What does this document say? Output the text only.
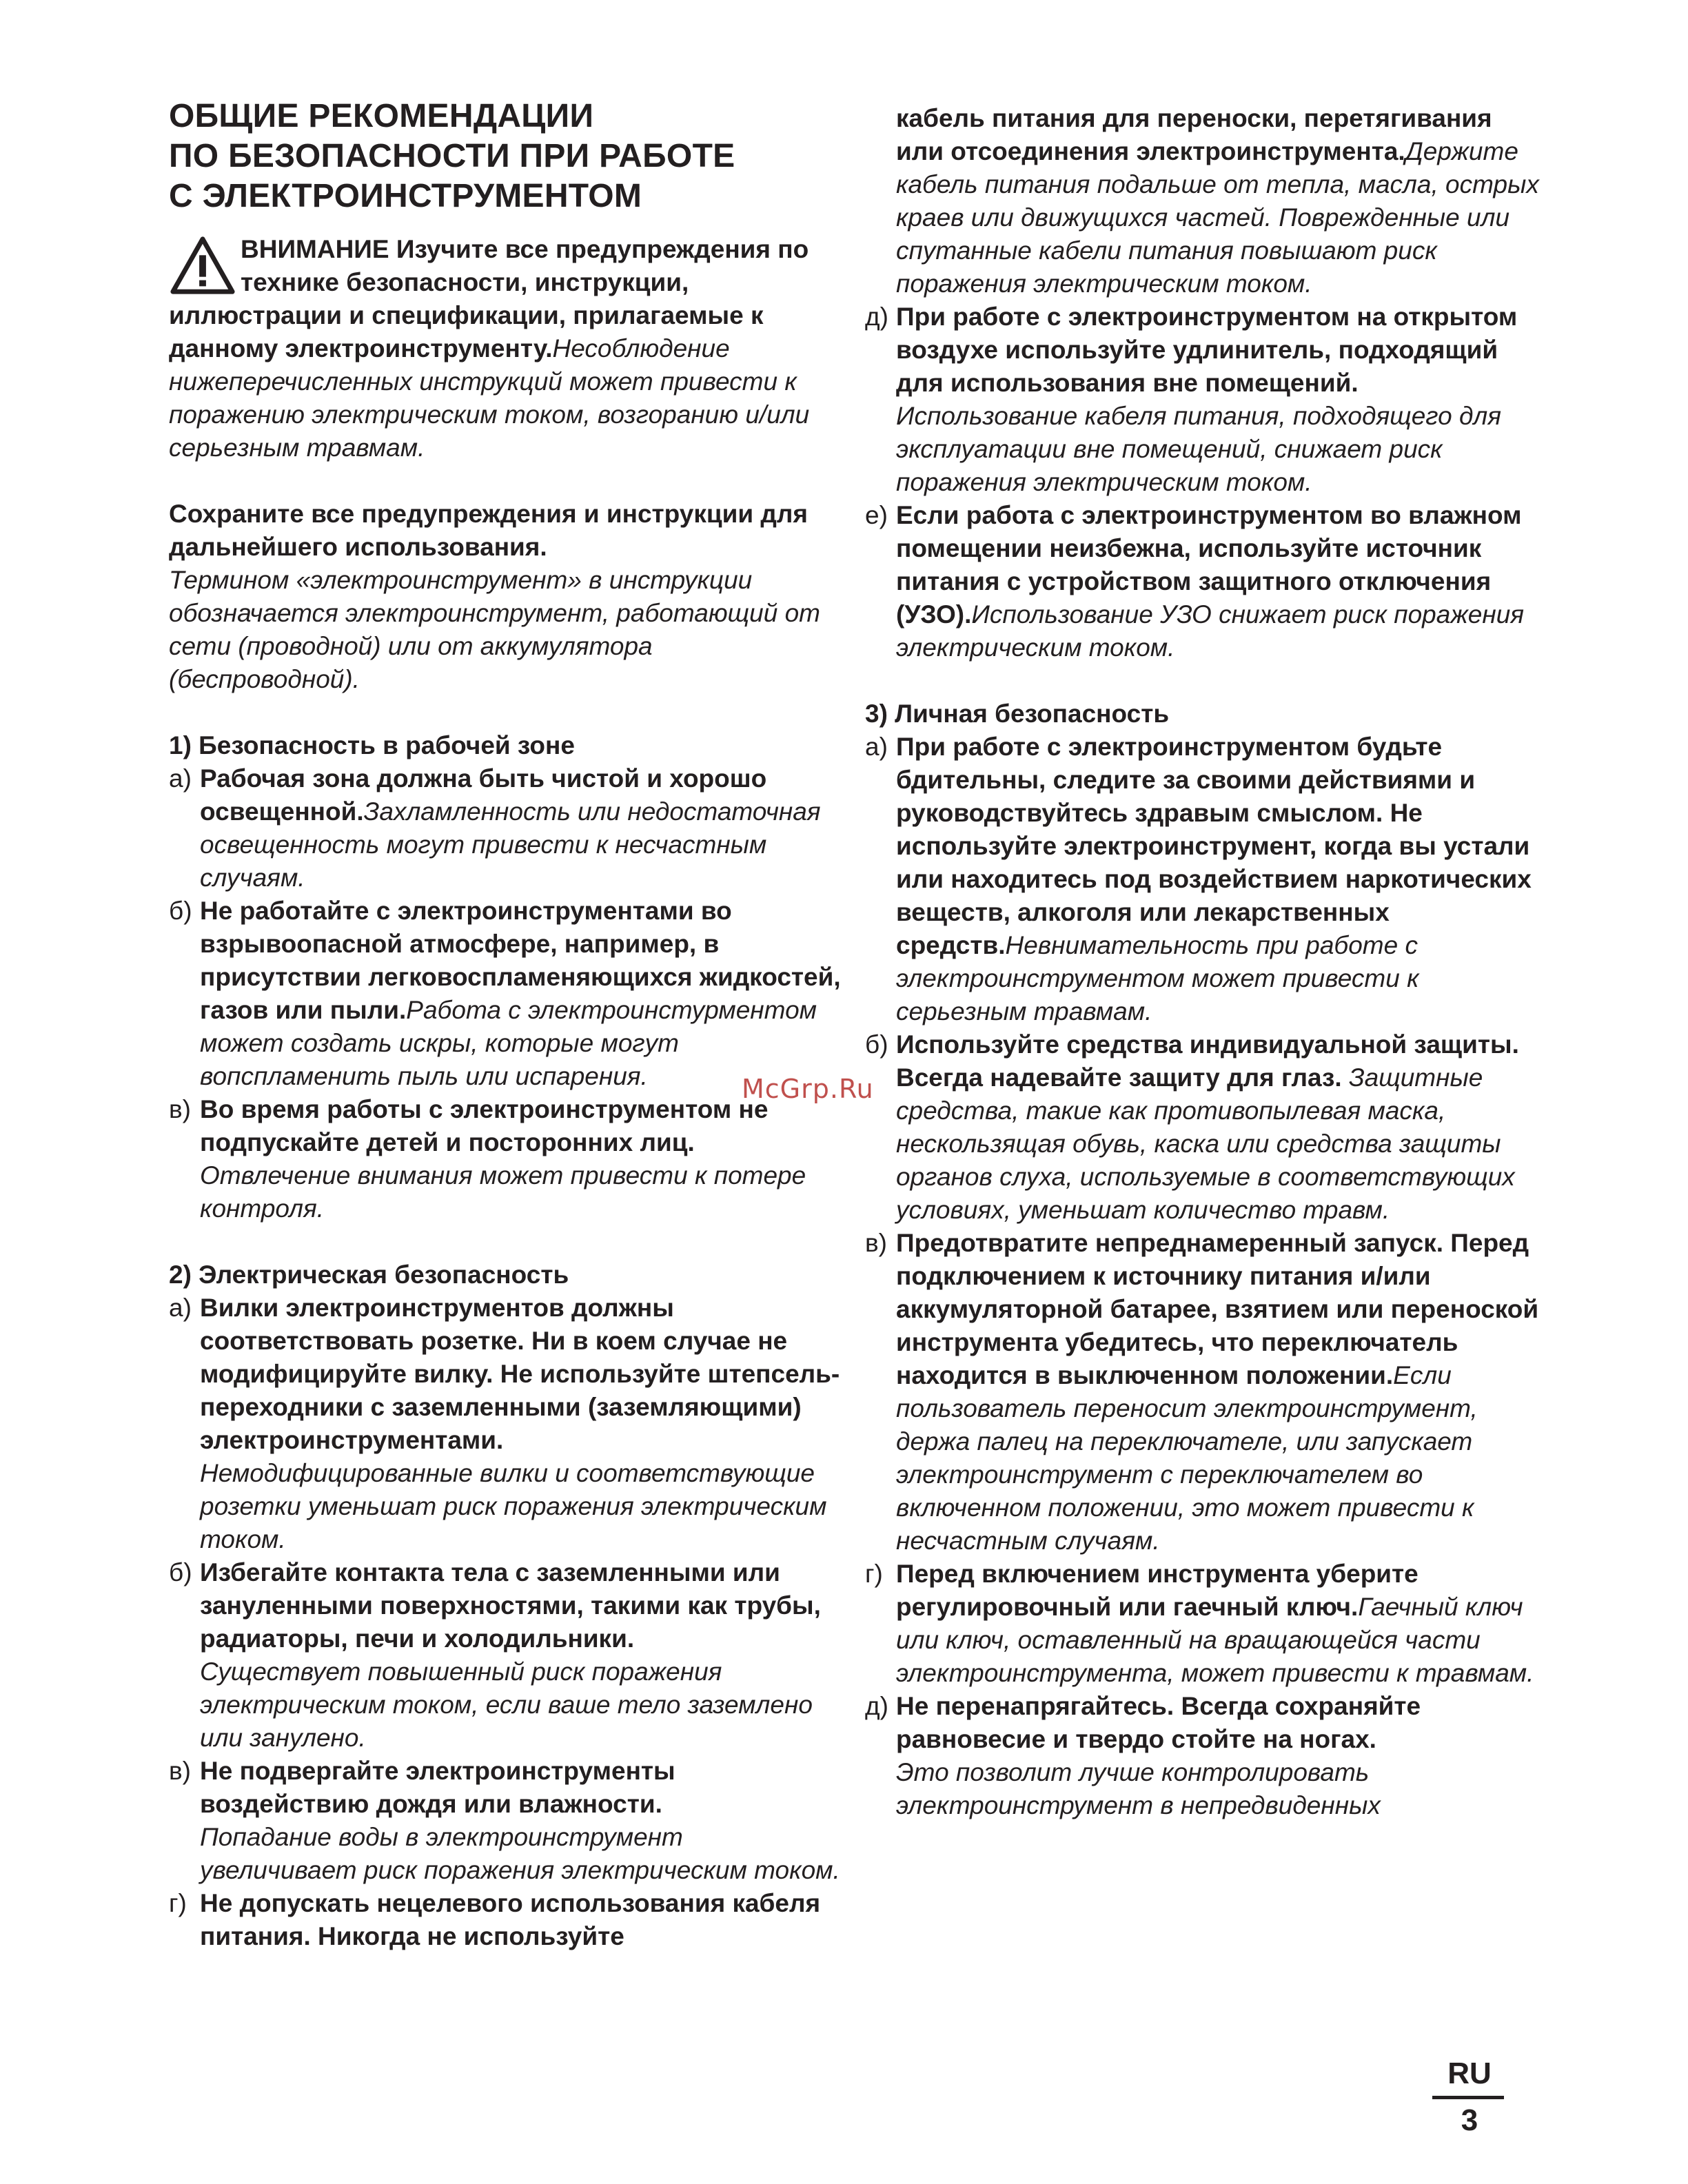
ОБЩИЕ РЕКОМЕНДАЦИИ
ПО БЕЗОПАСНОСТИ ПРИ РАБОТЕ
С ЭЛЕКТРОИНСТРУМЕНТОМ
ВНИМАНИЕ Изучите все предупреждения по технике безопасности, инструкции, иллюстрации и спецификации, прилагаемые к данному электроинструменту.Несоблюдение нижеперечисленных инструкций может привести к поражению электрическим током, возгоранию и/или серьезным травмам.
Сохраните все предупреждения и инструкции для дальнейшего использования.
Термином «электроинструмент» в инструкции обозначается электроинструмент, работающий от сети (проводной) или от аккумулятора (беспроводной).

1) Безопасность в рабочей зоне

а) Рабочая зона должна быть чистой и хорошо освещенной.Захламленность или недостаточная освещенность могут привести к несчастным случаям.
б) Не работайте с электроинструментами во взрывоопасной атмосфере, например, в присутствии легковоспламеняющихся жидкостей, газов или пыли.Работа с электроинстурментом может создать искры, которые могут вопспламенить пыль или испарения.
в) Во время работы с электроинструментом не подпускайте детей и посторонних лиц.
Отвлечение внимания может привести к потере контроля.

2) Электрическая безопасность

а) Вилки электроинструментов должны соответствовать розетке. Ни в коем случае не модифицируйте вилку. Не используйте штепсель-переходники с заземленными (заземляющими) электроинструментами.
Немодифицированные вилки и соответствующие розетки уменьшат риск поражения электрическим током.
б) Избегайте контакта тела с заземленными или зануленными поверхностями, такими как трубы, радиаторы, печи и холодильники.
Существует повышенный риск поражения электрическим током, если ваше тело заземлено или занулено.
в) Не подвергайте электроинструменты воздействию дождя или влажности.
Попадание воды в электроинструмент увеличивает риск поражения электрическим током.
г) Не допускать нецелевого использования кабеля питания. Никогда не используйте
кабель питания для переноски, перетягивания или отсоединения электроинструмента.Держите кабель питания подальше от тепла, масла, острых краев или движущихся частей. Поврежденные или спутанные кабели питания повышают риск поражения электрическим током.
д) При работе с электроинструментом на открытом воздухе используйте удлинитель, подходящий для использования вне помещений. Использование кабеля питания, подходящего для эксплуатации вне помещений, снижает риск поражения электрическим током.
е) Если работа с электроинструментом во влажном помещении неизбежна, используйте источник питания с устройством защитного отключения (УЗО).Использование УЗО снижает риск поражения электрическим током.

3) Личная безопасность

а) При работе с электроинструментом будьте бдительны, следите за своими действиями и руководствуйтесь здравым смыслом. Не используйте электроинструмент, когда вы устали или находитесь под воздействием наркотических веществ, алкоголя или лекарственных средств.Невнимательность при работе с электроинструментом может привести к серьезным травмам.
б) Используйте средства индивидуальной защиты. Всегда надевайте защиту для глаз. Защитные средства, такие как противопылевая маска, нескользящая обувь, каска или средства защиты органов слуха, используемые в соответствующих условиях, уменьшат количество травм.
в) Предотвратите непреднамеренный запуск. Перед подключением к источнику питания и/или аккумуляторной батарее, взятием или переноской инструмента убедитесь, что переключатель находится в выключенном положении.Если пользователь переносит электроинструмент, держа палец на переключателе, или запускает электроинструмент с переключателем во включенном положении, это может привести к несчастным случаям.
г) Перед включением инструмента уберите регулировочный или гаечный ключ.Гаечный ключ или ключ, оставленный на вращающейся части электроинструмента, может привести к травмам.
д) Не перенапрягайтесь. Всегда сохраняйте равновесие и твердо стойте на ногах.
Это позволит лучше контролировать электроинструмент в непредвиденных
McGrp.Ru
RU
3
